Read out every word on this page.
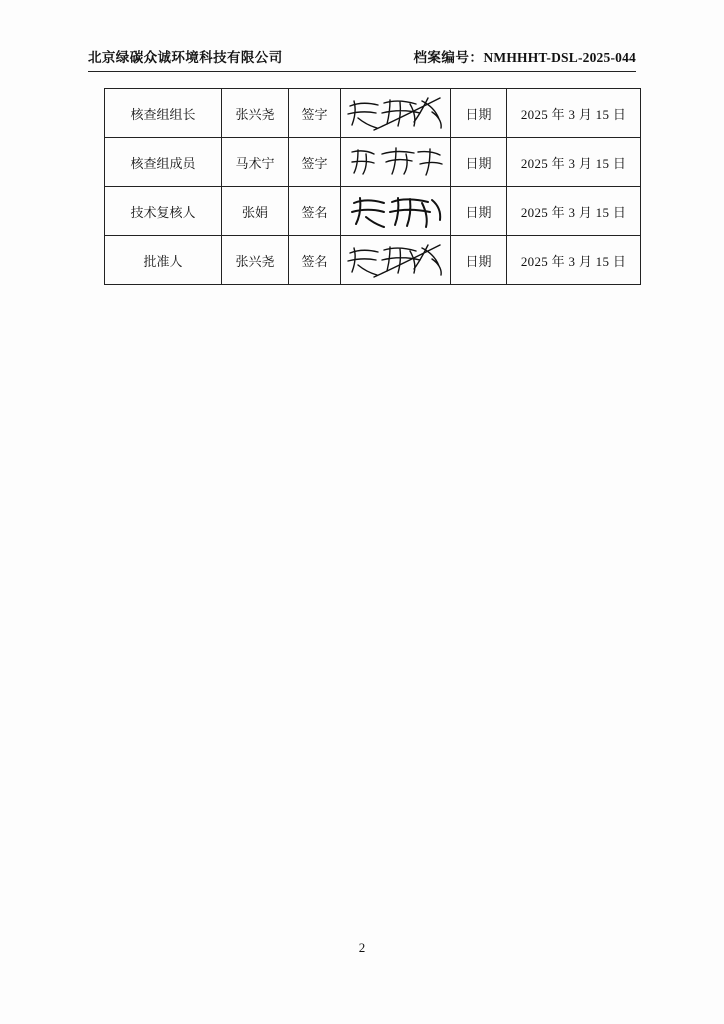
北京绿碳众诚环境科技有限公司	档案编号：NMHHHT-DSL-2025-044
核查组组长	张兴尧	签字		日期	2025 年 3 月 15 日
核查组成员	马术宁	签字		日期	2025 年 3 月 15 日
技术复核人	张娟	签名		日期	2025 年 3 月 15 日
批准人	张兴尧	签名		日期	2025 年 3 月 15 日
2
